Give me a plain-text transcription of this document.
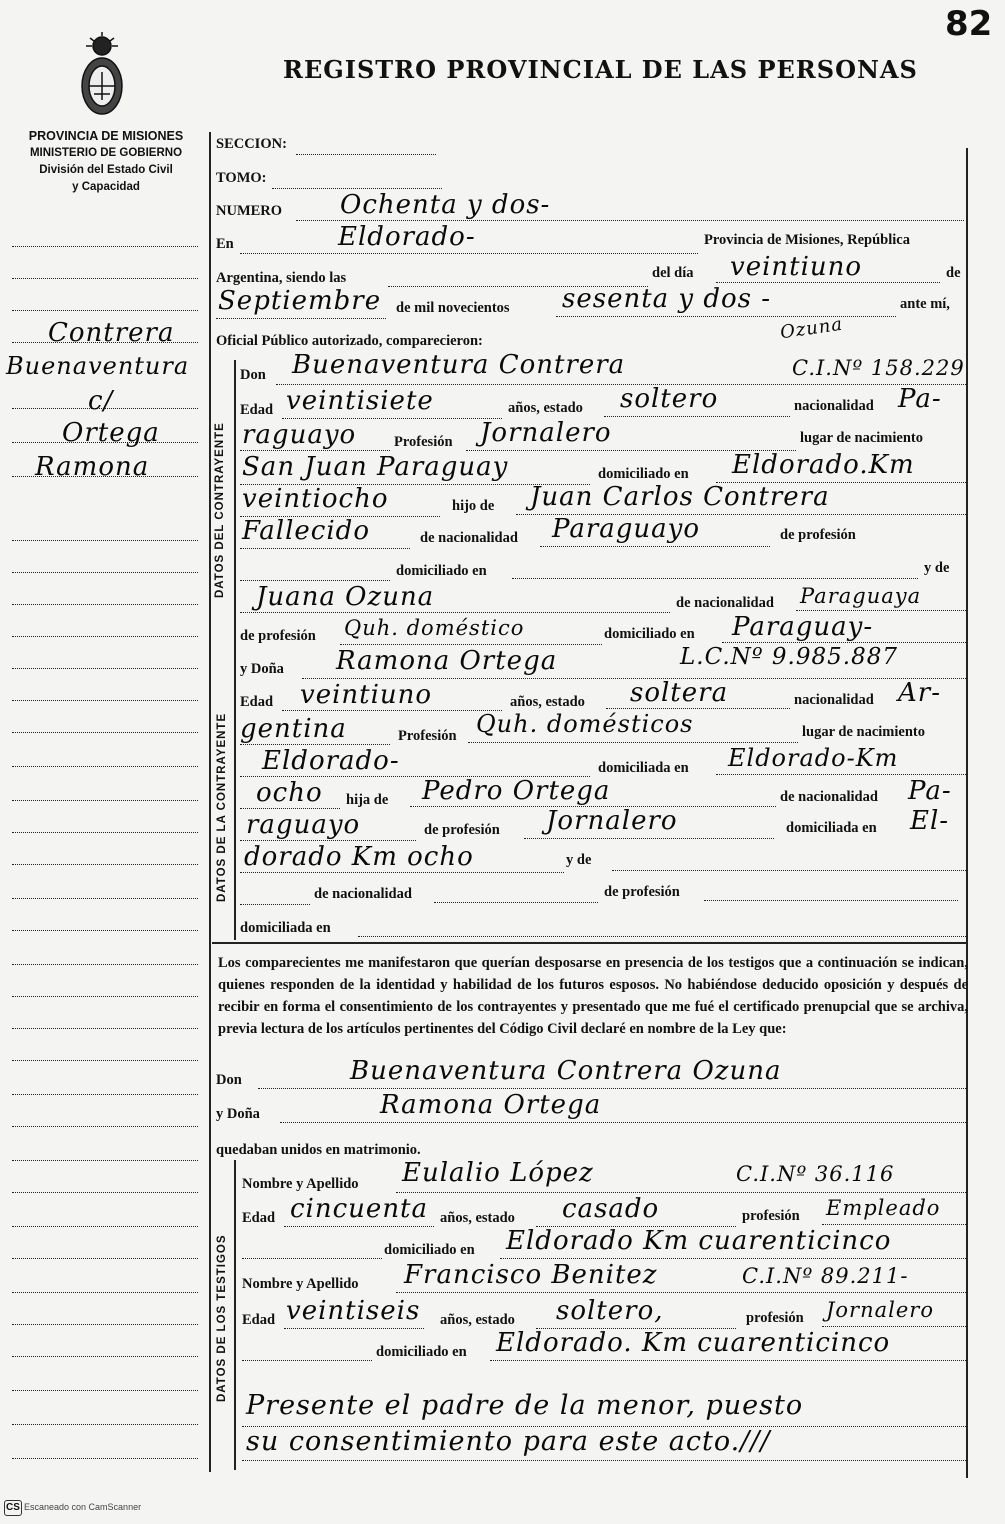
82
REGISTRO PROVINCIAL DE LAS PERSONAS
PROVINCIA DE MISIONES
MINISTERIO DE GOBIERNO
División del Estado Civil
y Capacidad
Contrera
Buenaventura
c/
Ortega
Ramona
SECCION:
TOMO:
NUMERO Ochenta y dos-
En	Eldorado-	Provincia de Misiones, República
Argentina, siendo las	del día veintiuno	de
Septiembre de mil novecientos sesenta y dos -	ante mí,
Oficial Público autorizado, comparecieron:	Ozuna
DATOS DEL CONTRAYENTE
Don Buenaventura Contrera	C.I.Nº 158.229
Edad veintisiete	años, estado soltero	nacionalidad Pa-
raguayo	Profesión Jornalero	lugar de nacimiento
San Juan Paraguay	domiciliado en Eldorado.Km
veintiocho	hijo de Juan Carlos Contrera
Fallecido	de nacionalidad Paraguayo	de profesión
domiciliado en	y de
Juana Ozuna	de nacionalidad Paraguaya
de profesión Quh. doméstico	domiciliado en Paraguay-
DATOS DE LA CONTRAYENTE
y Doña Ramona Ortega	L.C.Nº 9.985.887
Edad veintiuno	años, estado soltera	nacionalidad Ar-
gentina	Profesión Quh. domésticos	lugar de nacimiento
Eldorado-	domiciliada en Eldorado-Km
ocho hija de Pedro Ortega	de nacionalidad Pa-
raguayo	de profesión Jornalero	domiciliada en El-
dorado Km ocho	y de
de nacionalidad	de profesión
domiciliada en
Los comparecientes me manifestaron que querían desposarse en presencia de los testigos que a continuación se indican, quienes responden de la identidad y habilidad de los futuros esposos. No habiéndose deducido oposición y después de recibir en forma el consentimiento de los contrayentes y presentado que me fué el certificado prenupcial que se archiva, previa lectura de los artículos pertinentes del Código Civil declaré en nombre de la Ley que:
Don	Buenaventura Contrera Ozuna
y Doña	Ramona Ortega
quedaban unidos en matrimonio.
DATOS DE LOS TESTIGOS
Nombre y Apellido Eulalio López	C.I.Nº 36.116
Edad cincuenta años, estado casado	profesión Empleado
domiciliado en Eldorado Km cuarenticinco
Nombre y Apellido Francisco Benitez	C.I.Nº 89.211-
Edad veintiseis años, estado soltero,	profesión Jornalero
domiciliado en Eldorado. Km cuarenticinco
Presente el padre de la menor, puesto
su consentimiento para este acto.///
CS Escaneado con CamScanner
